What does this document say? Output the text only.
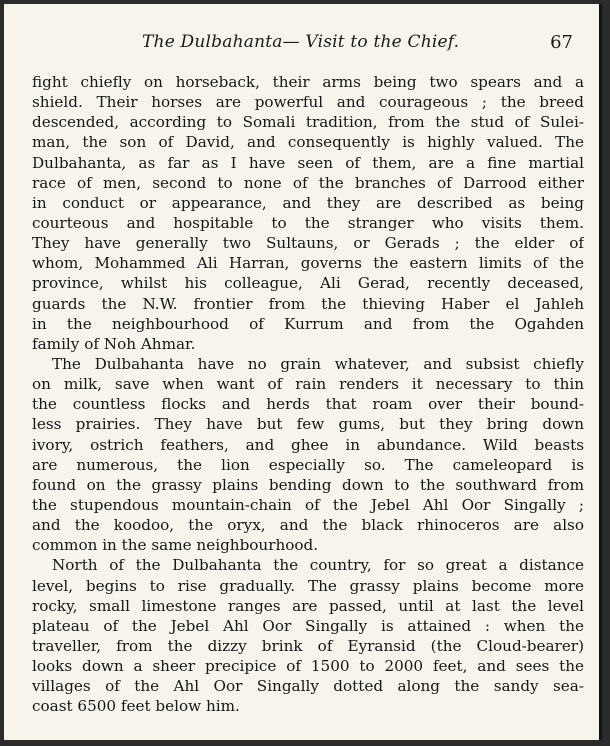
The Dulbahanta— Visit to the Chief.	67
fight chiefly on horseback, their arms being two spears and a
shield. Their horses are powerful and courageous ; the breed
descended, according to Somali tradition, from the stud of Sulei-
man, the son of David, and consequently is highly valued. The
Dulbahanta, as far as I have seen of them, are a fine martial
race of men, second to none of the branches of Darrood either
in conduct or appearance, and they are described as being
courteous and hospitable to the stranger who visits them.
They have generally two Sultauns, or Gerads ; the elder of
whom, Mohammed Ali Harran, governs the eastern limits of the
province, whilst his colleague, Ali Gerad, recently deceased,
guards the N.W. frontier from the thieving Haber el Jahleh
in the neighbourhood of Kurrum and from the Ogahden
family of Noh Ahmar.
The Dulbahanta have no grain whatever, and subsist chiefly
on milk, save when want of rain renders it necessary to thin
the countless flocks and herds that roam over their bound-
less prairies. They have but few gums, but they bring down
ivory, ostrich feathers, and ghee in abundance. Wild beasts
are numerous, the lion especially so. The cameleopard is
found on the grassy plains bending down to the southward from
the stupendous mountain-chain of the Jebel Ahl Oor Singally ;
and the koodoo, the oryx, and the black rhinoceros are also
common in the same neighbourhood.
North of the Dulbahanta the country, for so great a distance
level, begins to rise gradually. The grassy plains become more
rocky, small limestone ranges are passed, until at last the level
plateau of the Jebel Ahl Oor Singally is attained : when the
traveller, from the dizzy brink of Eyransid (the Cloud-bearer)
looks down a sheer precipice of 1500 to 2000 feet, and sees the
villages of the Ahl Oor Singally dotted along the sandy sea-
coast 6500 feet below him.
